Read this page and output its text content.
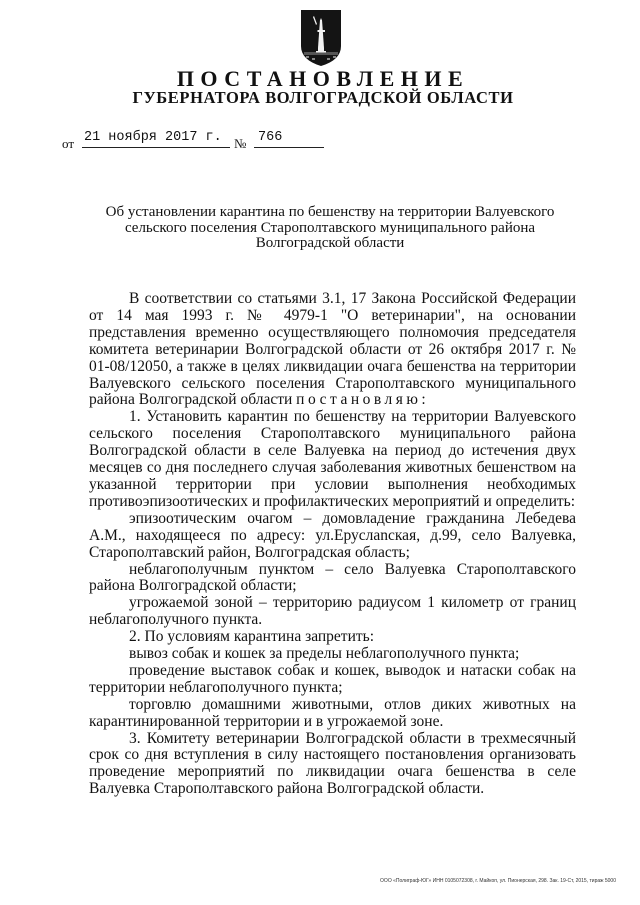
ПОСТАНОВЛЕНИЕ
ГУБЕРНАТОРА ВОЛГОГРАДСКОЙ ОБЛАСТИ
от 21 ноября 2017 г. № 766
Об установлении карантина по бешенству на территории Валуевского
сельского поселения Старополтавского муниципального района
Волгоградской области

В соответствии со статьями 3.1, 17 Закона Российской Федерации от 14 мая 1993 г. № 4979-1 "О ветеринарии", на основании представления временно осуществляющего полномочия председателя комитета ветеринарии Волгоградской области от 26 октября 2017 г. № 01-08/12050, а также в целях ликвидации очага бешенства на территории Валуевского сельского поселения Старополтавского муниципального района Волгоградской области постановляю:

1. Установить карантин по бешенству на территории Валуевского сельского поселения Старополтавского муниципального района Волгоградской области в селе Валуевка на период до истечения двух месяцев со дня последнего случая заболевания животных бешенством на указанной территории при условии выполнения необходимых противоэпизоотических и профилактических мероприятий и определить:

эпизоотическим очагом – домовладение гражданина Лебедева А.М., находящееся по адресу: ул.Еруслanская, д.99, село Валуевка, Старополтавский район, Волгоградская область;

неблагополучным пунктом – село Валуевка Старополтавского района Волгоградской области;

угрожаемой зоной – территорию радиусом 1 километр от границ неблагополучного пункта.

2. По условиям карантина запретить:

вывоз собак и кошек за пределы неблагополучного пункта;

проведение выставок собак и кошек, выводок и натаски собак на территории неблагополучного пункта;

торговлю домашними животными, отлов диких животных на карантинированной территории и в угрожаемой зоне.

3. Комитету ветеринарии Волгоградской области в трехмесячный срок со дня вступления в силу настоящего постановления организовать проведение мероприятий по ликвидации очага бешенства в селе Валуевка Старополтавского района Волгоградской области.

ООО «Полиграф-ЮГ» ИНН 0105072308, г. Майкоп, ул. Пионерская, 298. Зак. 19-Ст, 2015, тираж 5000
